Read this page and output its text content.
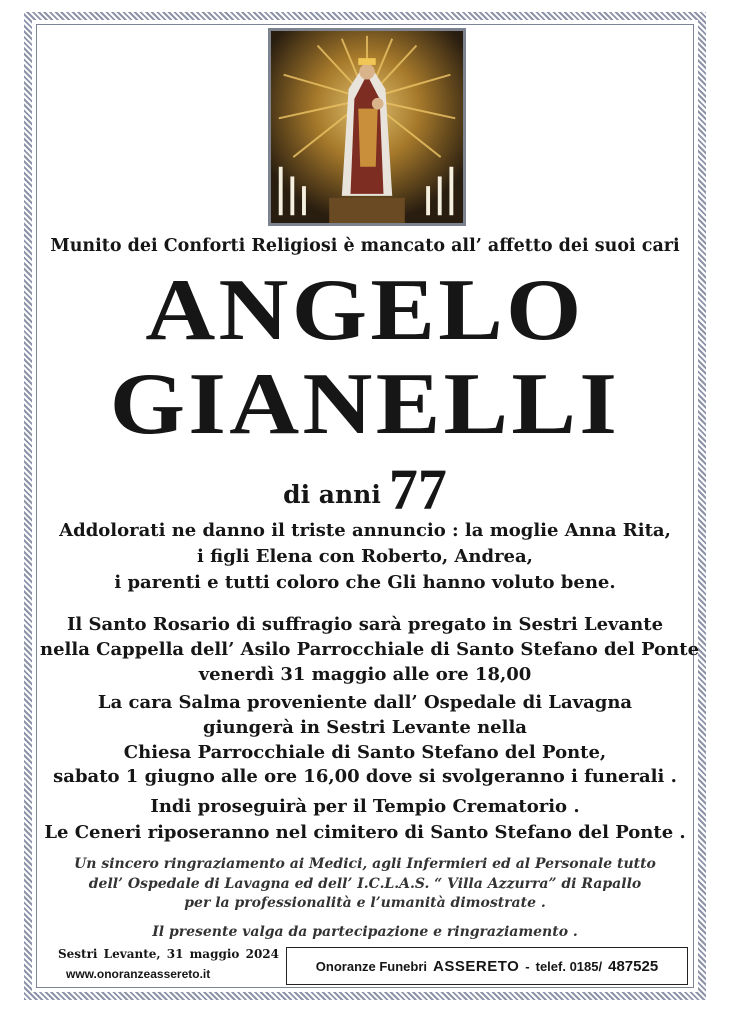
Munito dei Conforti Religiosi è mancato all’ affetto dei suoi cari

ANGELO

GIANELLI

di anni 77

Addolorati ne danno il triste annuncio : la moglie Anna Rita,

i figli Elena con Roberto, Andrea,

i parenti e tutti coloro che Gli hanno voluto bene.

Il Santo Rosario di suffragio sarà pregato in Sestri Levante

nella Cappella dell’ Asilo Parrocchiale di Santo Stefano del Ponte

venerdì 31 maggio alle ore 18,00

La cara Salma proveniente dall’ Ospedale di Lavagna

giungerà in Sestri Levante nella

Chiesa Parrocchiale di Santo Stefano del Ponte,

sabato 1 giugno alle ore 16,00 dove si svolgeranno i funerali .

Indi proseguirà per il Tempio Crematorio .

Le Ceneri riposeranno nel cimitero di Santo Stefano del Ponte .

Un sincero ringraziamento ai Medici, agli Infermieri ed al Personale tutto

dell’ Ospedale di Lavagna ed dell’ I.C.L.A.S. “ Villa Azzurra” di Rapallo

per la professionalità e l’umanità dimostrate .

Il presente valga da partecipazione e ringraziamento .

Sestri Levante, 31 maggio 2024

www.onoranzeassereto.it

Onoranze Funebri ASSERETO - telef. 0185/ 487525
